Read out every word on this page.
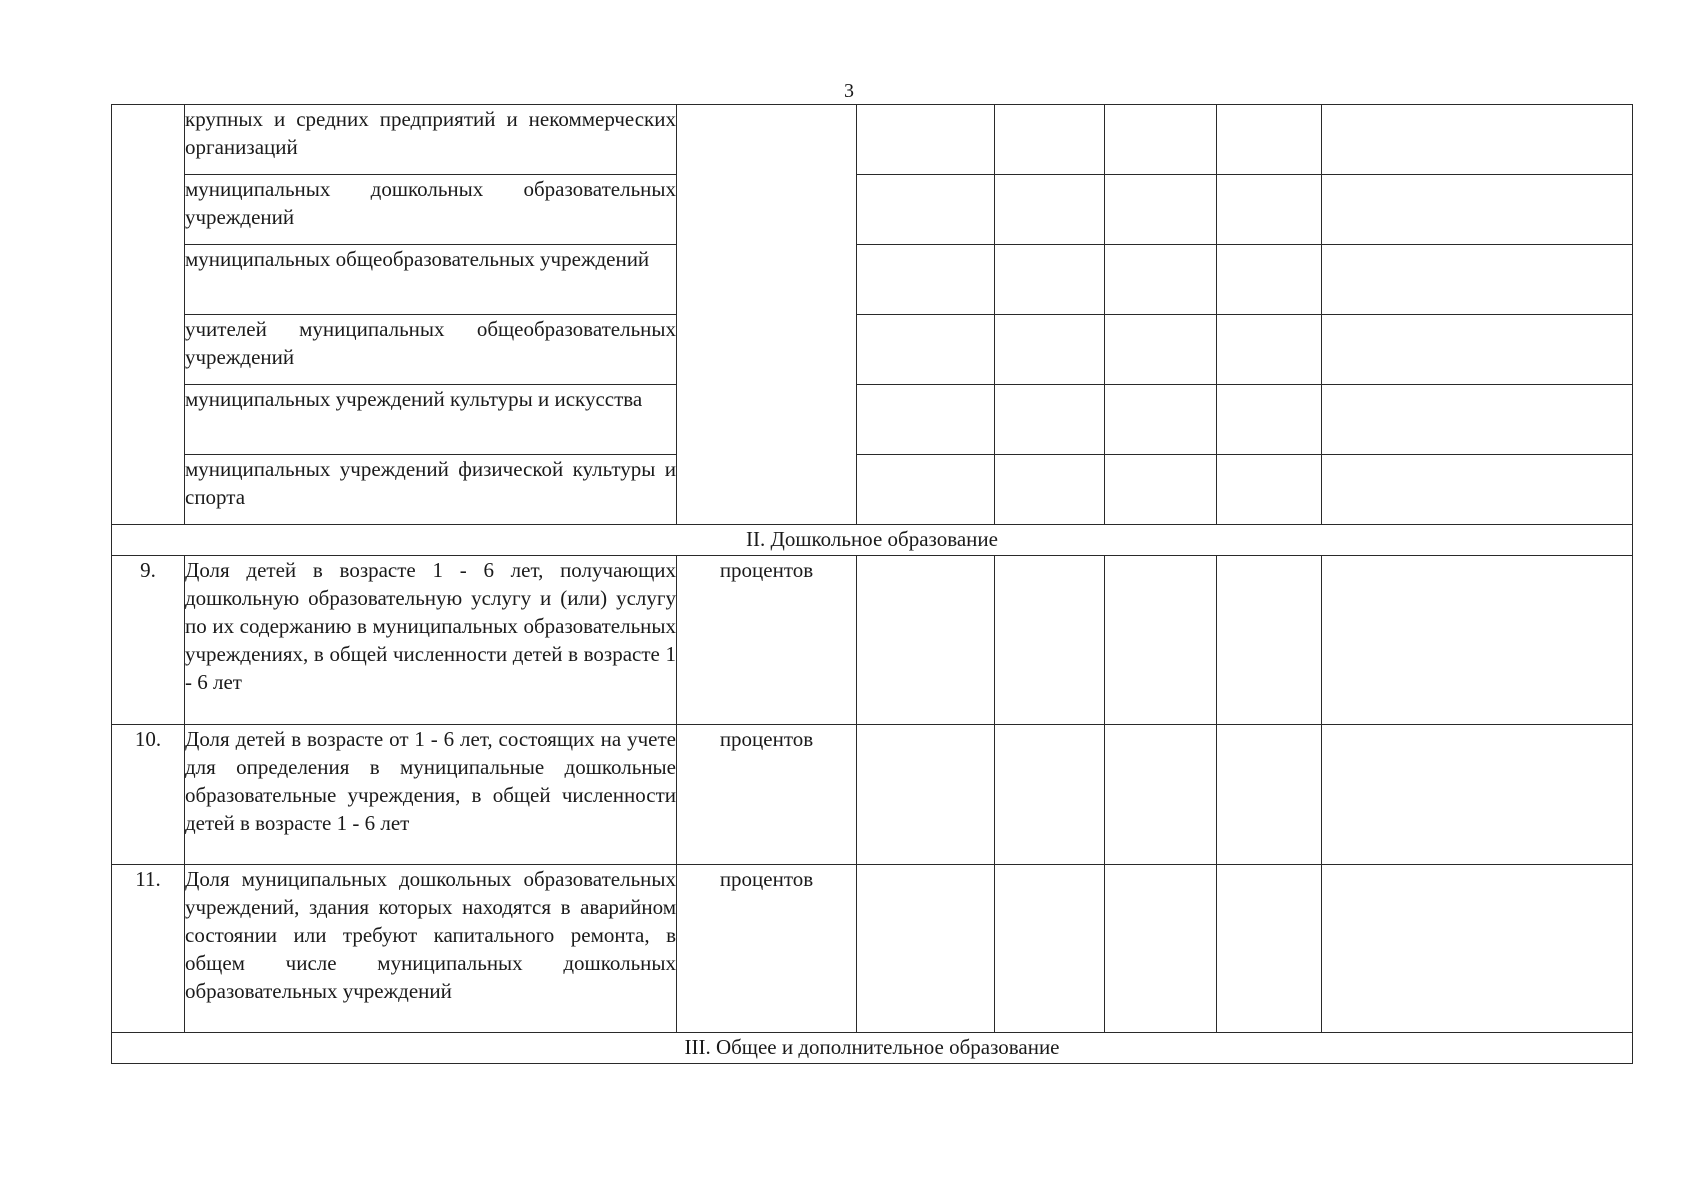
3
	крупных и средних предприятий и некоммерческих организаций						
	муниципальных дошкольных образовательных учреждений						
	муниципальных общеобразовательных учреждений						
	учителей муниципальных общеобразовательных учреждений						
	муниципальных учреждений культуры и искусства						
	муниципальных учреждений физической культуры и спорта						
II. Дошкольное образование							
9.	Доля детей в возрасте 1 - 6 лет, получающих дошкольную образовательную услугу и (или) услугу по их содержанию в муниципальных образовательных учреждениях, в общей численности детей в возрасте 1 - 6 лет	процентов					
10.	Доля детей в возрасте от 1 - 6 лет, состоящих на учете для определения в муниципальные дошкольные образовательные учреждения, в общей численности детей в возрасте 1 - 6 лет	процентов					
11.	Доля муниципальных дошкольных образовательных учреждений, здания которых находятся в аварийном состоянии или требуют капитального ремонта, в общем числе муниципальных дошкольных образовательных учреждений	процентов					
III. Общее и дополнительное образование							
